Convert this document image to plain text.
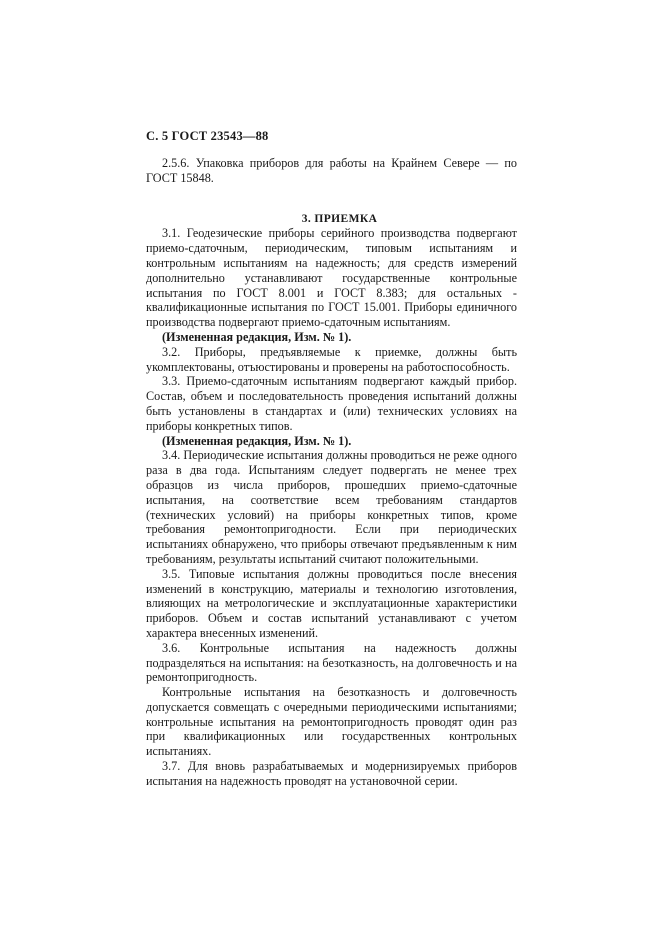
С. 5 ГОСТ 23543—88

2.5.6. Упаковка приборов для работы на Крайнем Севере — по ГОСТ 15848.

3. ПРИЕМКА

3.1. Геодезические приборы серийного производства подвергают приемо-сдаточным, периодическим, типовым испытаниям и контрольным испытаниям на надежность; для средств измерений дополнительно устанавливают государственные контрольные испытания по ГОСТ 8.001 и ГОСТ 8.383; для остальных - квалификационные испытания по ГОСТ 15.001. Приборы единичного производства подвергают приемо-сдаточным испытаниям.

(Измененная редакция, Изм. № 1).

3.2. Приборы, предъявляемые к приемке, должны быть укомплектованы, отъюстированы и проверены на работоспособность.

3.3. Приемо-сдаточным испытаниям подвергают каждый прибор. Состав, объем и последовательность проведения испытаний должны быть установлены в стандартах и (или) технических условиях на приборы конкретных типов.

(Измененная редакция, Изм. № 1).

3.4. Периодические испытания должны проводиться не реже одного раза в два года. Испытаниям следует подвергать не менее трех образцов из числа приборов, прошедших приемо-сдаточные испытания, на соответствие всем требованиям стандартов (технических условий) на приборы конкретных типов, кроме требования ремонтопригодности. Если при периодических испытаниях обнаружено, что приборы отвечают предъявленным к ним требованиям, результаты испытаний считают положительными.

3.5. Типовые испытания должны проводиться после внесения изменений в конструкцию, материалы и технологию изготовления, влияющих на метрологические и эксплуатационные характеристики приборов. Объем и состав испытаний устанавливают с учетом характера внесенных изменений.

3.6. Контрольные испытания на надежность должны подразделяться на испытания: на безотказность, на долговечность и на ремонтопригодность.

Контрольные испытания на безотказность и долговечность допускается совмещать с очередными периодическими испытаниями; контрольные испытания на ремонтопригодность проводят один раз при квалификационных или государственных контрольных испытаниях.

3.7. Для вновь разрабатываемых и модернизируемых приборов испытания на надежность проводят на установочной серии.
